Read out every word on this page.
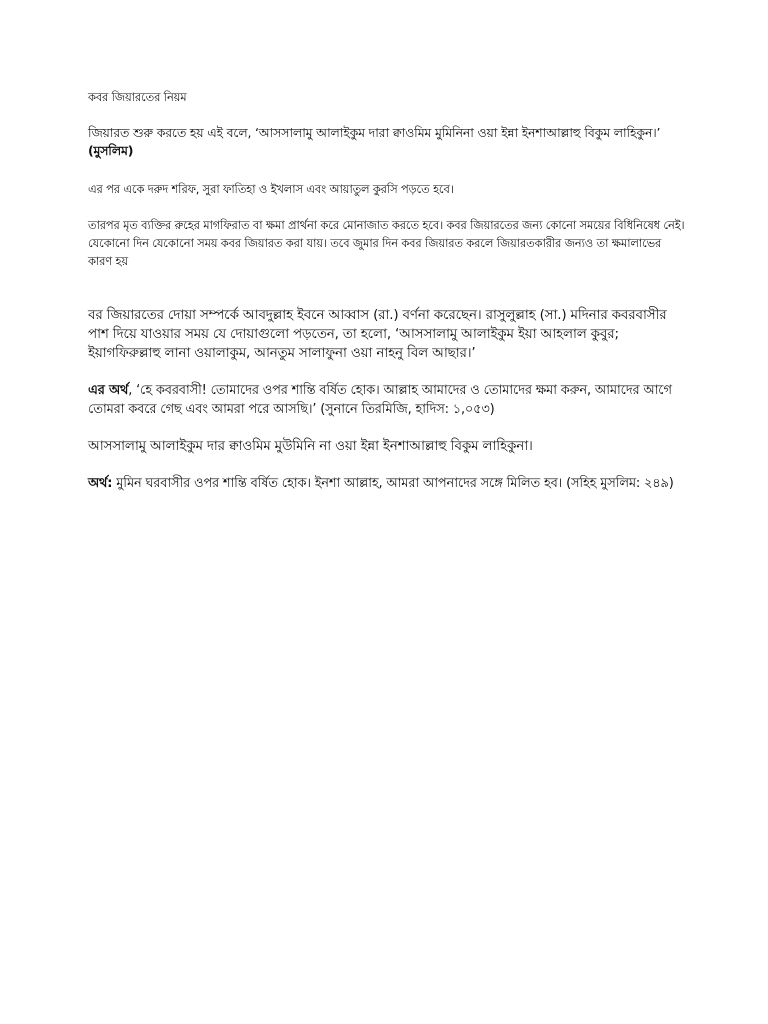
কবর জিয়ারতের নিয়ম

জিয়ারত শুরু করতে হয় এই বলে, ‘আসসালামু আলাইকুম দারা ক্বাওমিম মুমিনিনা ওয়া ইন্না ইনশাআল্লাহু বিকুম লাহিকুন।’ (মুসলিম)

এর পর একে দরুদ শরিফ, সুরা ফাতিহা ও ইখলাস এবং আয়াতুল কুরসি পড়তে হবে।

তারপর মৃত ব্যক্তির রুহের মাগফিরাত বা ক্ষমা প্রার্থনা করে মোনাজাত করতে হবে। কবর জিয়ারতের জন্য কোনো সময়ের বিধিনিষেধ নেই। যেকোনো দিন যেকোনো সময় কবর জিয়ারত করা যায়। তবে জুমার দিন কবর জিয়ারত করলে জিয়ারতকারীর জন্যও তা ক্ষমালাভের কারণ হয়

বর জিয়ারতের দোয়া সম্পর্কে আবদুল্লাহ ইবনে আব্বাস (রা.) বর্ণনা করেছেন। রাসুলুল্লাহ (সা.) মদিনার কবরবাসীর পাশ দিয়ে যাওয়ার সময় যে দোয়াগুলো পড়তেন, তা হলো, ‘আসসালামু আলাইকুম ইয়া আহলাল কুবুর; ইয়াগফিরুল্লাহু লানা ওয়ালাকুম, আনতুম সালাফুনা ওয়া নাহনু বিল আছার।’

এর অর্থ, ‘হে কবরবাসী! তোমাদের ওপর শান্তি বর্ষিত হোক। আল্লাহ আমাদের ও তোমাদের ক্ষমা করুন, আমাদের আগে তোমরা কবরে গেছ এবং আমরা পরে আসছি।’ (সুনানে তিরমিজি, হাদিস: ১,০৫৩)

আসসালামু আলাইকুম দার ক্বাওমিম মুউমিনি না ওয়া ইন্না ইনশাআল্লাহু বিকুম লাহিকুনা।

অর্থ: মুমিন ঘরবাসীর ওপর শান্তি বর্ষিত হোক। ইনশা আল্লাহ, আমরা আপনাদের সঙ্গে মিলিত হব। (সহিহ মুসলিম: ২৪৯)
